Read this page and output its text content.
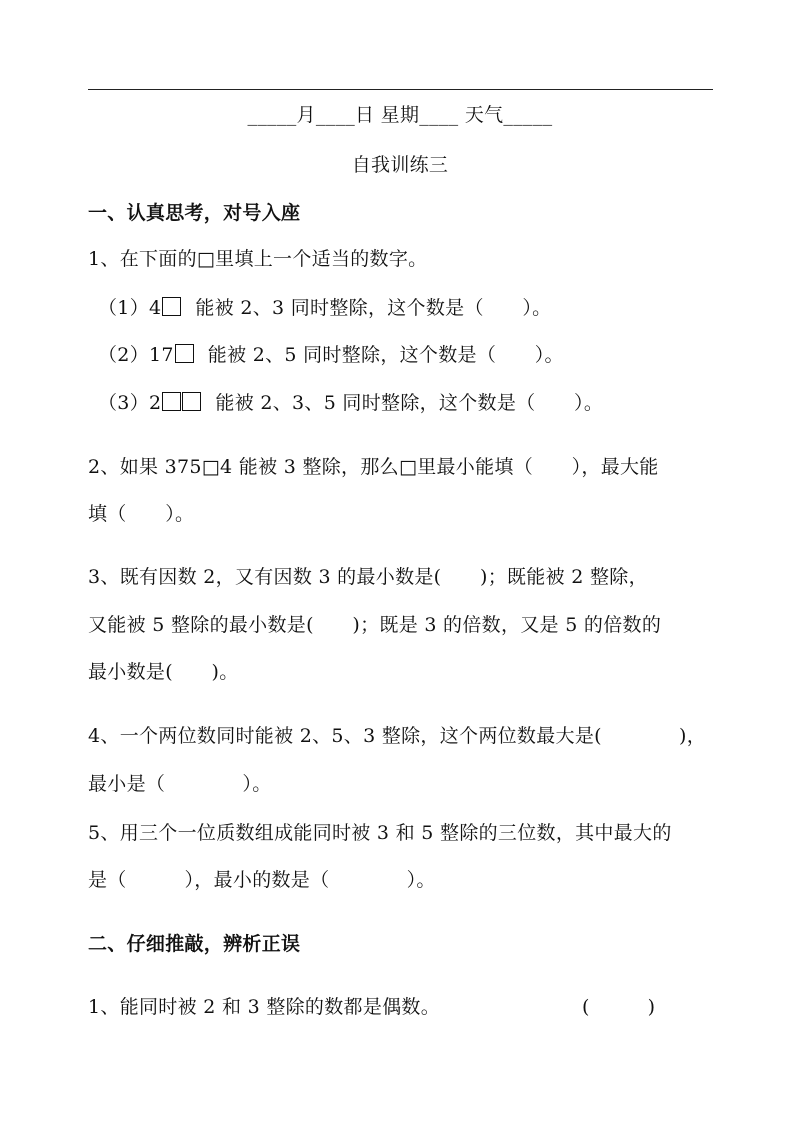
_____月____日 星期____ 天气_____
自我训练三
一、认真思考，对号入座
1、在下面的□里填上一个适当的数字。
（1）4 能被 2、3 同时整除，这个数是（　　）。
（2）17 能被 2、5 同时整除，这个数是（　　）。
（3）2	能被 2、3、5 同时整除，这个数是（　　）。
2、如果 375□4 能被 3 整除，那么□里最小能填（　　），最大能
填（　　）。
3、既有因数 2，又有因数 3 的最小数是(　　)；既能被 2 整除，
又能被 5 整除的最小数是(　　)；既是 3 的倍数，又是 5 的倍数的
最小数是(　　)。
4、一个两位数同时能被 2、5、3 整除，这个两位数最大是(　　　　)，
最小是（　　　　）。
5、用三个一位质数组成能同时被 3 和 5 整除的三位数，其中最大的
是（　　　），最小的数是（　　　　）。
二、仔细推敲，辨析正误
1、能同时被 2 和 3 整除的数都是偶数。	(　　　)
